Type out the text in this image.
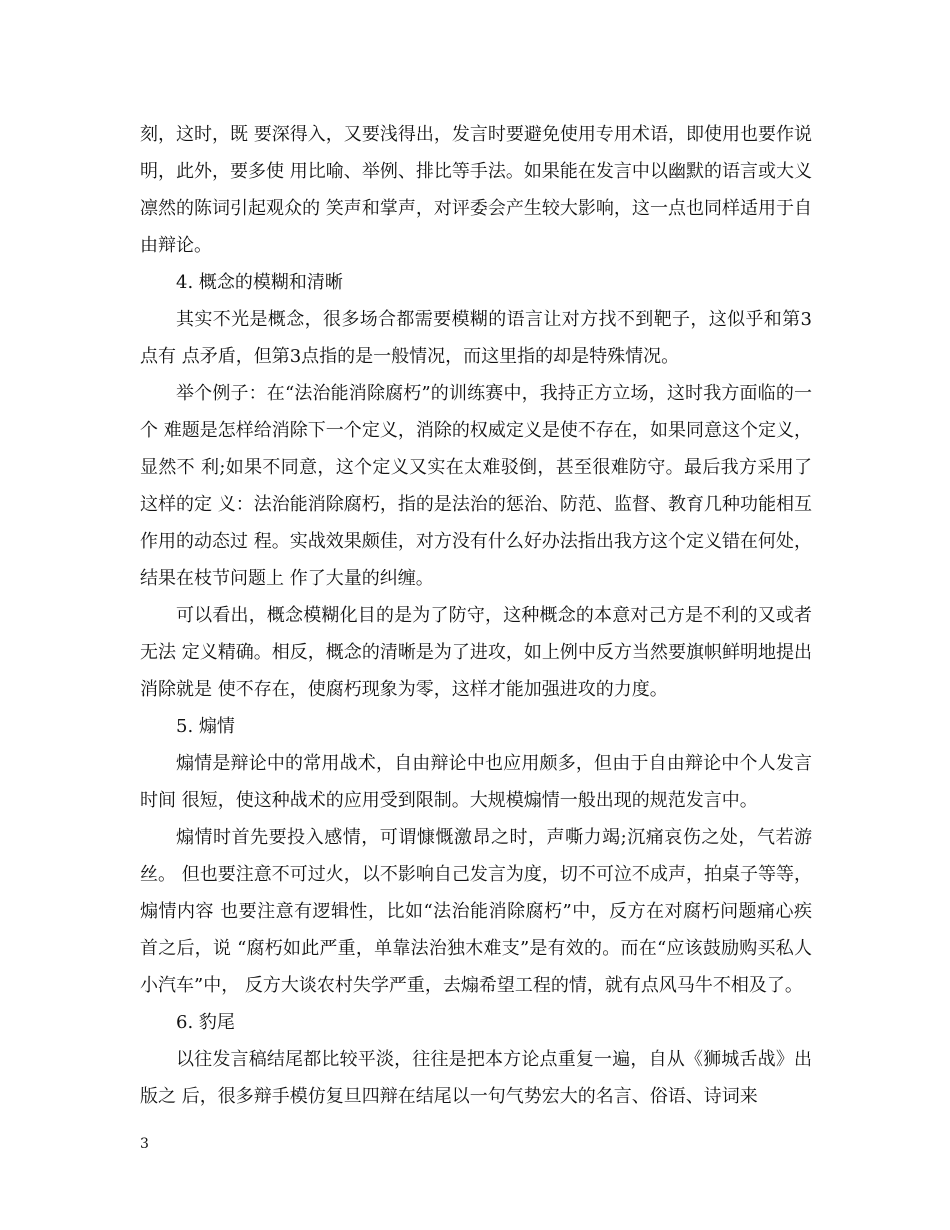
刻，这时，既 要深得入，又要浅得出，发言时要避免使用专用术语，即使用也要作说明，此外，要多使 用比喻、举例、排比等手法。如果能在发言中以幽默的语言或大义凛然的陈词引起观众的 笑声和掌声，对评委会产生较大影响，这一点也同样适用于自由辩论。

4. 概念的模糊和清晰

其实不光是概念，很多场合都需要模糊的语言让对方找不到靶子，这似乎和第3点有 点矛盾，但第3点指的是一般情况，而这里指的却是特殊情况。

举个例子：在“法治能消除腐朽”的训练赛中，我持正方立场，这时我方面临的一个 难题是怎样给消除下一个定义，消除的权威定义是使不存在，如果同意这个定义，显然不 利;如果不同意，这个定义又实在太难驳倒，甚至很难防守。最后我方采用了这样的定 义：法治能消除腐朽，指的是法治的惩治、防范、监督、教育几种功能相互作用的动态过 程。实战效果颇佳，对方没有什么好办法指出我方这个定义错在何处，结果在枝节问题上 作了大量的纠缠。

可以看出，概念模糊化目的是为了防守，这种概念的本意对己方是不利的又或者无法 定义精确。相反，概念的清晰是为了进攻，如上例中反方当然要旗帜鲜明地提出消除就是 使不存在，使腐朽现象为零，这样才能加强进攻的力度。

5. 煽情

煽情是辩论中的常用战术，自由辩论中也应用颇多，但由于自由辩论中个人发言时间 很短，使这种战术的应用受到限制。大规模煽情一般出现的规范发言中。

煽情时首先要投入感情，可谓慷慨激昂之时，声嘶力竭;沉痛哀伤之处，气若游丝。 但也要注意不可过火，以不影响自己发言为度，切不可泣不成声，拍桌子等等，煽情内容 也要注意有逻辑性，比如“法治能消除腐朽”中，反方在对腐朽问题痛心疾首之后，说 “腐朽如此严重，单靠法治独木难支”是有效的。而在“应该鼓励购买私人小汽车”中， 反方大谈农村失学严重，去煽希望工程的情，就有点风马牛不相及了。

6. 豹尾

以往发言稿结尾都比较平淡，往往是把本方论点重复一遍，自从《狮城舌战》出版之 后，很多辩手模仿复旦四辩在结尾以一句气势宏大的名言、俗语、诗词来

3
